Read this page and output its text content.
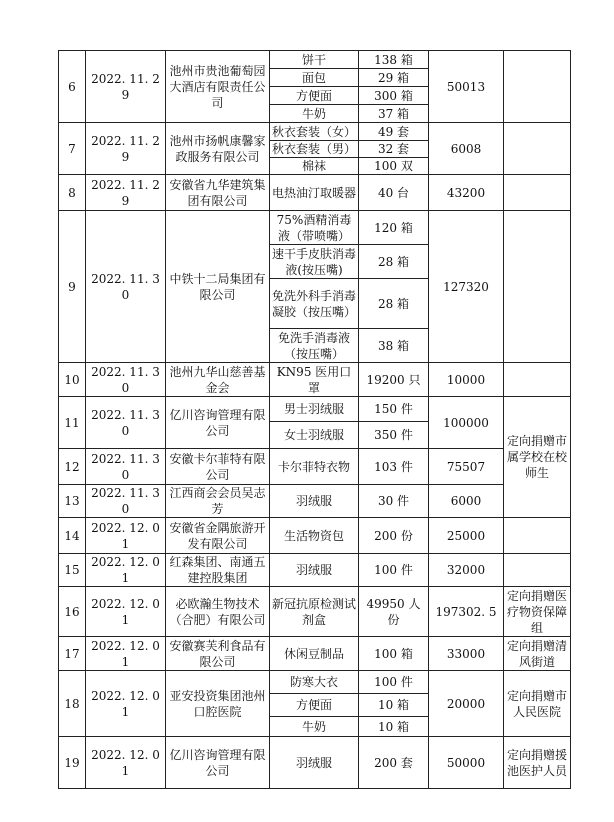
6	2022. 11. 29	池州市贵池葡萄园大酒店有限责任公司	饼干	138 箱	50013	
			面包	29 箱		
			方便面	300 箱		
			牛奶	37 箱		
7	2022. 11. 29	池州市扬帆康馨家政服务有限公司	秋衣套装（女）	49 套	6008	
			秋衣套装（男）	32 套		
			棉袜	100 双		
8	2022. 11. 29	安徽省九华建筑集团有限公司	电热油汀取暖器	40 台	43200	
9	2022. 11. 30	中铁十二局集团有限公司	75%酒精消毒液（带喷嘴）	120 箱	127320	
			速干手皮肤消毒液(按压嘴)	28 箱		
			免洗外科手消毒凝胶（按压嘴）	28 箱		
			免洗手消毒液（按压嘴）	38 箱		
10	2022. 11. 30	池州九华山慈善基金会	KN95 医用口罩	19200 只	10000	
11	2022. 11. 30	亿川咨询管理有限公司	男士羽绒服	150 件	100000	定向捐赠市属学校在校师生
			女士羽绒服	350 件		
12	2022. 11. 30	安徽卡尔菲特有限公司	卡尔菲特衣物	103 件	75507	
13	2022. 11. 30	江西商会会员吴志芳	羽绒服	30 件	6000	
14	2022. 12. 01	安徽省金隅旅游开发有限公司	生活物资包	200 份	25000	
15	2022. 12. 01	红森集团、南通五建控股集团	羽绒服	100 件	32000	
16	2022. 12. 01	必欧瀚生物技术（合肥）有限公司	新冠抗原检测试剂盒	49950 人份	197302. 5	定向捐赠医疗物资保障组
17	2022. 12. 01	安徽赛芙利食品有限公司	休闲豆制品	100 箱	33000	定向捐赠清风街道
18	2022. 12. 01	亚安投资集团池州口腔医院	防寒大衣	100 件	20000	定向捐赠市人民医院
			方便面	10 箱		
			牛奶	10 箱		
19	2022. 12. 01	亿川咨询管理有限公司	羽绒服	200 套	50000	定向捐赠援池医护人员
